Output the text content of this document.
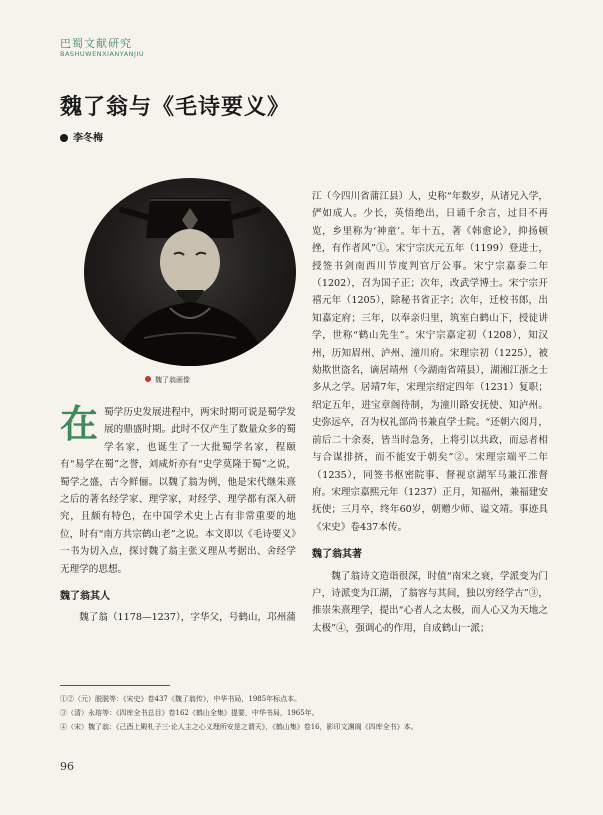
巴蜀文献研究
BASHUWENXIANYANJIU
魏了翁与《毛诗要义》
李冬梅
魏了翁画像

在蜀学历史发展进程中，两宋时期可说是蜀学发展的鼎盛时期。此时不仅产生了数量众多的蜀学名家，也诞生了一大批蜀学名家，程颐有“易学在蜀”之誉，刘咸炘亦有“史学莫隆于蜀”之说，蜀学之盛，古今鲜俪。以魏了翁为例，他是宋代继朱熹之后的著名经学家、理学家，对经学、理学都有深入研究，且颇有特色，在中国学术史上占有非常重要的地位，时有“南方共宗鹤山老”之说。本文即以《毛诗要义》一书为切入点，探讨魏了翁主张义理从考据出、舍经学无理学的思想。

魏了翁其人

魏了翁（1178—1237），字华父，号鹤山，邛州蒲

江（今四川省蒲江县）人，史称“年数岁，从诸兄入学，俨如成人。少长，英悟绝出，日诵千余言，过目不再览，乡里称为‘神童’。年十五，著《韩愈论》，抑扬顿挫，有作者风”①。宋宁宗庆元五年（1199）登进士，授签书剑南西川节度判官厅公事。宋宁宗嘉泰二年（1202），召为国子正；次年，改武学博士。宋宁宗开禧元年（1205），除秘书省正字；次年，迁校书郎，出知嘉定府；三年，以奉亲归里，筑室白鹤山下，授徒讲学，世称“鹤山先生”。宋宁宗嘉定初（1208），知汉州，历知眉州、泸州、潼川府。宋理宗初（1225），被劾欺世盗名，谪居靖州（今湖南省靖县），湖湘江浙之士多从之学。居靖7年，宋理宗绍定四年（1231）复职；绍定五年，进宝章阁待制，为潼川路安抚使、知泸州。史弥远卒，召为权礼部尚书兼直学士院。“还朝六阅月，前后二十余奏，皆当时急务，上将引以共政，而忌者相与合谋排挤，而不能安于朝矣”②。宋理宗端平二年（1235），同签书枢密院事、督视京湖军马兼江淮督府。宋理宗嘉熙元年（1237）正月，知福州，兼福建安抚使；三月卒，终年60岁，朝赠少师、谥文靖。事迹具《宋史》卷437本传。

魏了翁其著

魏了翁诗文造诣很深，时值“南宋之衰，学派变为门户，诗派变为江湖，了翁容与其间，独以穷经学古”③，推崇朱熹理学，提出“心者人之太极，而人心又为天地之太极”④，强调心的作用，自成鹤山一派；

①②（元）脱脱等：《宋史》卷437《魏了翁传》，中华书局，1985年标点本。
③（清）永瑢等：《四库全书总目》卷162《鹤山全集》提要，中华书局，1965年。
④（宋）魏了翁：《己酉上殿札子三·论人主之心义理所安是之谓天》，《鹤山集》卷16，影印文渊阁《四库全书》本。
96
